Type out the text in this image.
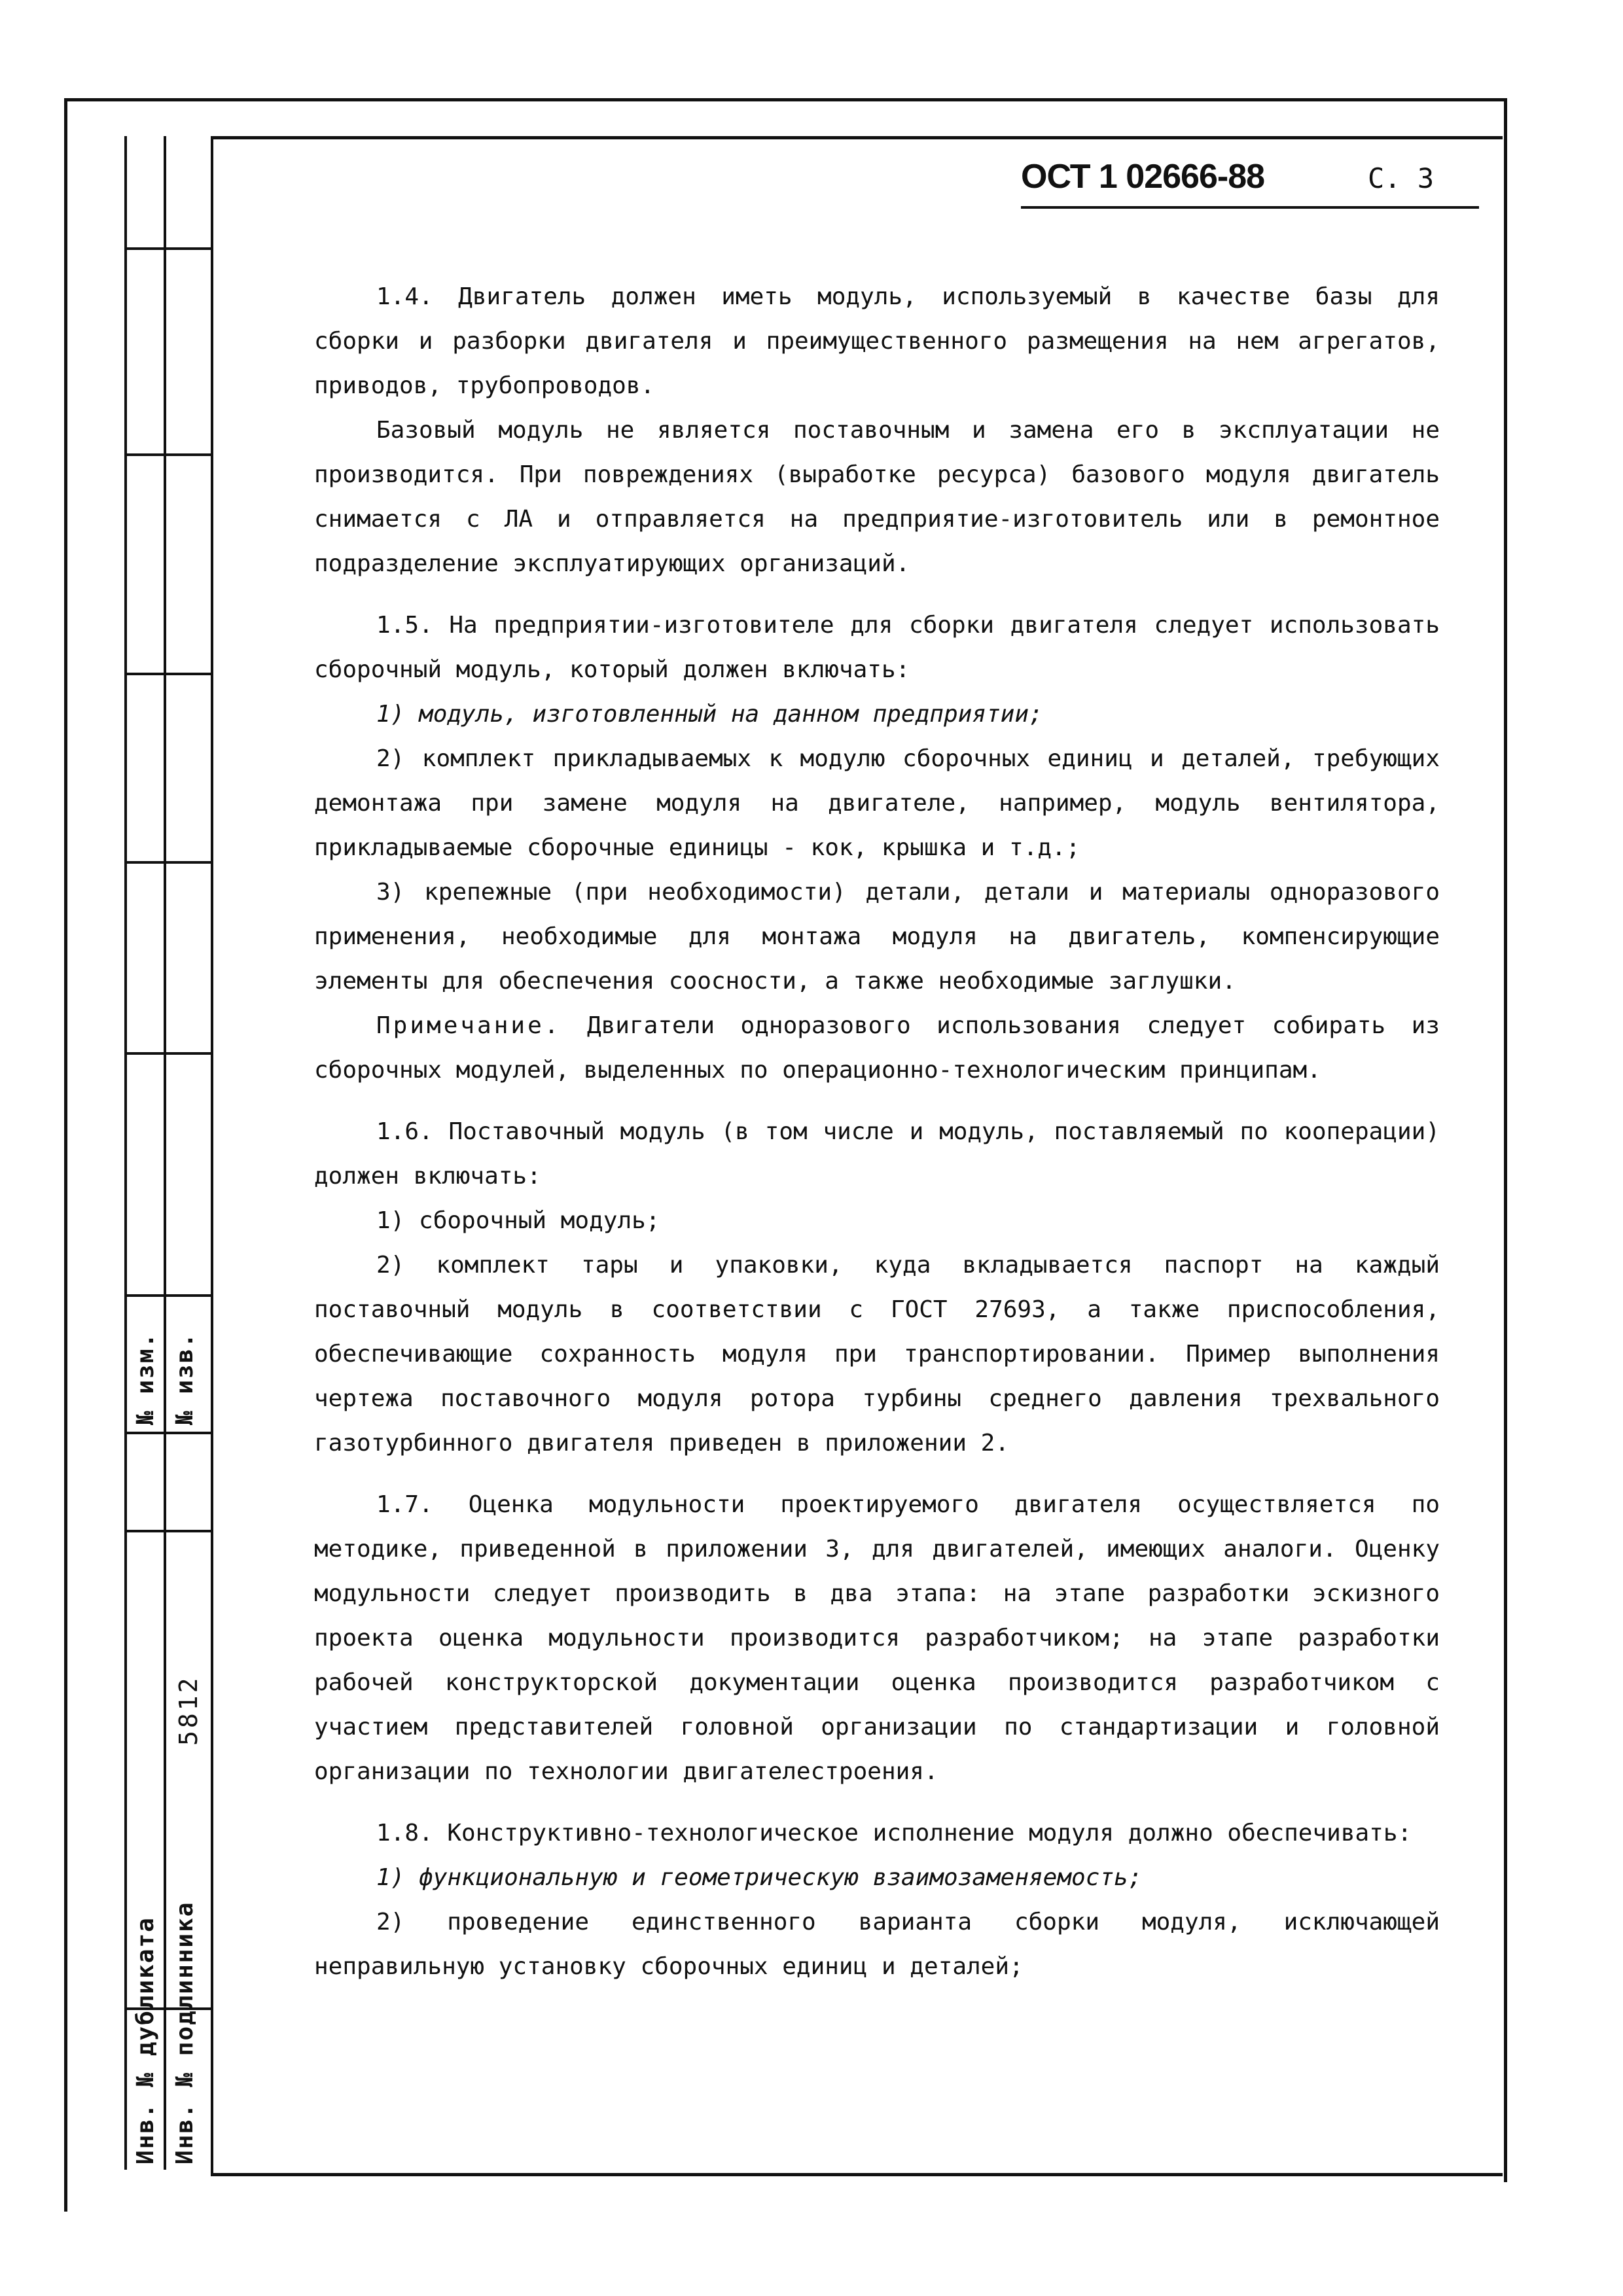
№ изм. № изв.
5812
Инв. № дубликата Инв. № подлинника
ОСТ 1 02666-88	С. 3

1.4. Двигатель должен иметь модуль, используемый в качестве базы для сборки и разборки двигателя и преимущественного размещения на нем агрегатов, приводов, трубопроводов.

Базовый модуль не является поставочным и замена его в эксплуатации не производится. При повреждениях (выработке ресурса) базового модуля двигатель снимается с ЛА и отправляется на предприятие-изготовитель или в ремонтное подразделение эксплуатирующих организаций.

1.5. На предприятии-изготовителе для сборки двигателя следует использовать сборочный модуль, который должен включать:

1) модуль, изготовленный на данном предприятии;

2) комплект прикладываемых к модулю сборочных единиц и деталей, требующих демонтажа при замене модуля на двигателе, например, модуль вентилятора, прикладываемые сборочные единицы - кок, крышка и т.д.;

3) крепежные (при необходимости) детали, детали и материалы одноразового применения, необходимые для монтажа модуля на двигатель, компенсирующие элементы для обеспечения соосности, а также необходимые заглушки.

Примечание. Двигатели одноразового использования следует собирать из сборочных модулей, выделенных по операционно-технологическим принципам.

1.6. Поставочный модуль (в том числе и модуль, поставляемый по кооперации) должен включать:

1) сборочный модуль;

2) комплект тары и упаковки, куда вкладывается паспорт на каждый поставочный модуль в соответствии с ГОСТ 27693, а также приспособления, обеспечивающие сохранность модуля при транспортировании. Пример выполнения чертежа поставочного модуля ротора турбины среднего давления трехвального газотурбинного двигателя приведен в приложении 2.

1.7. Оценка модульности проектируемого двигателя осуществляется по методике, приведенной в приложении 3, для двигателей, имеющих аналоги. Оценку модульности следует производить в два этапа: на этапе разработки эскизного проекта оценка модульности производится разработчиком; на этапе разработки рабочей конструкторской документации оценка производится разработчиком с участием представителей головной организации по стандартизации и головной организации по технологии двигателестроения.

1.8. Конструктивно-технологическое исполнение модуля должно обеспечивать:

1) функциональную и геометрическую взаимозаменяемость;

2) проведение единственного варианта сборки модуля, исключающей неправильную установку сборочных единиц и деталей;
